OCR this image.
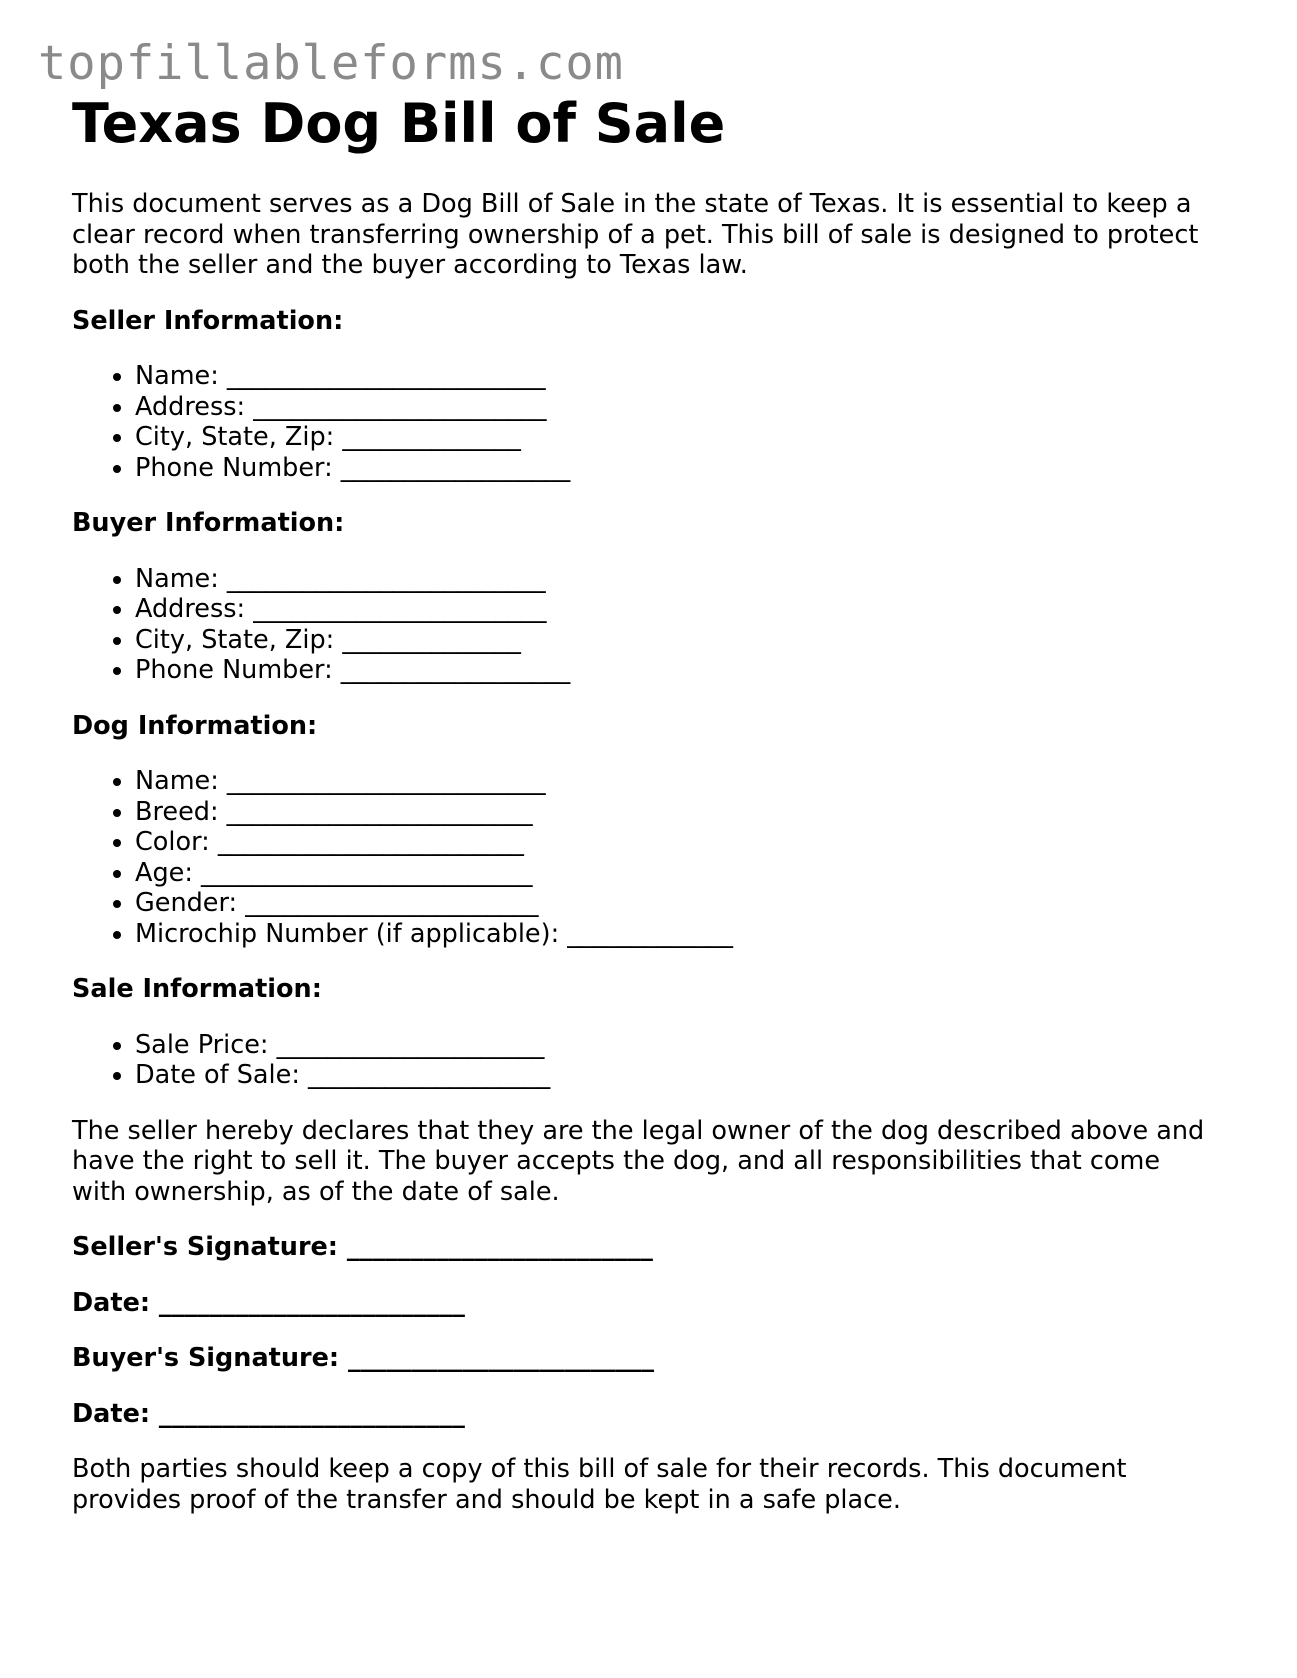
topfillableforms.com
Texas Dog Bill of Sale

This document serves as a Dog Bill of Sale in the state of Texas. It is essential to keep a clear record when transferring ownership of a pet. This bill of sale is designed to protect both the seller and the buyer according to Texas law.

Seller Information:
• Name: _________________________
• Address: _______________________
• City, State, Zip: ______________
• Phone Number: __________________
Buyer Information:
• Name: _________________________
• Address: _______________________
• City, State, Zip: ______________
• Phone Number: __________________
Dog Information:
• Name: _________________________
• Breed: ________________________
• Color: ________________________
• Age: __________________________
• Gender: _______________________
• Microchip Number (if applicable): _____________
Sale Information:
• Sale Price: _____________________
• Date of Sale: ___________________

The seller hereby declares that they are the legal owner of the dog described above and have the right to sell it. The buyer accepts the dog, and all responsibilities that come with ownership, as of the date of sale.

Seller's Signature: ________________________
Date: ________________________
Buyer's Signature: ________________________
Date: ________________________

Both parties should keep a copy of this bill of sale for their records. This document provides proof of the transfer and should be kept in a safe place.
